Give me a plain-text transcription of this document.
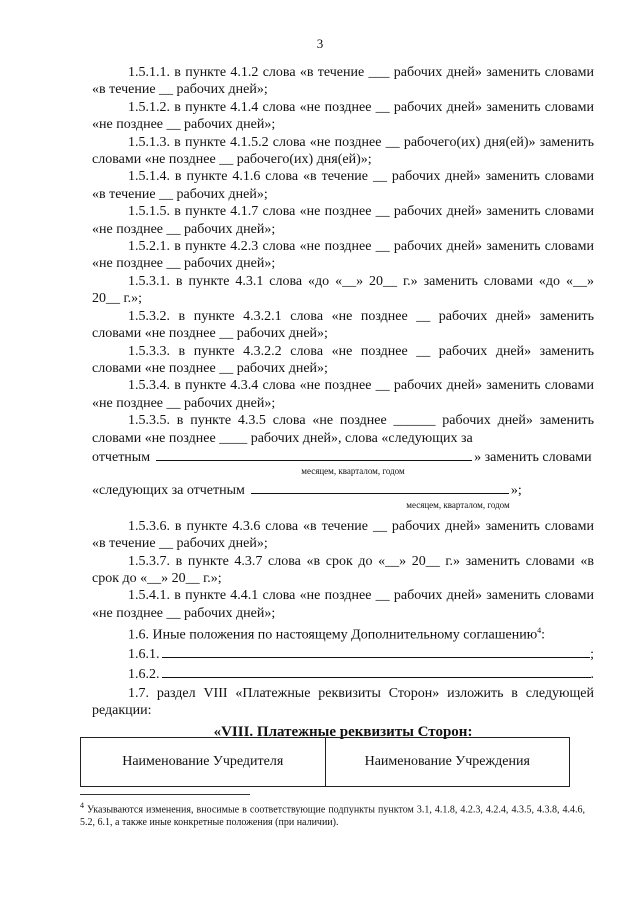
3

1.5.1.1. в пункте 4.1.2 слова «в течение ___ рабочих дней» заменить словами «в течение __ рабочих дней»;

1.5.1.2. в пункте 4.1.4 слова «не позднее __ рабочих дней» заменить словами «не позднее __ рабочих дней»;

1.5.1.3. в пункте 4.1.5.2 слова «не позднее __ рабочего(их) дня(ей)» заменить словами «не позднее __ рабочего(их) дня(ей)»;

1.5.1.4. в пункте 4.1.6 слова «в течение __ рабочих дней» заменить словами «в течение __ рабочих дней»;

1.5.1.5. в пункте 4.1.7 слова «не позднее __ рабочих дней» заменить словами «не позднее __ рабочих дней»;

1.5.2.1. в пункте 4.2.3 слова «не позднее __ рабочих дней» заменить словами «не позднее __ рабочих дней»;

1.5.3.1. в пункте 4.3.1 слова «до «__» 20__ г.» заменить словами «до «__» 20__ г.»;

1.5.3.2. в пункте 4.3.2.1 слова «не позднее __ рабочих дней» заменить словами «не позднее __ рабочих дней»;

1.5.3.3. в пункте 4.3.2.2 слова «не позднее __ рабочих дней» заменить словами «не позднее __ рабочих дней»;

1.5.3.4. в пункте 4.3.4 слова «не позднее __ рабочих дней» заменить словами «не позднее __ рабочих дней»;

1.5.3.5. в пункте 4.3.5 слова «не позднее ______ рабочих дней» заменить словами «не позднее ____ рабочих дней», слова «следующих за

отчетным	» заменить словами
месяцем, кварталом, годом
«следующих за отчетным	»;
месяцем, кварталом, годом

1.5.3.6. в пункте 4.3.6 слова «в течение __ рабочих дней» заменить словами «в течение __ рабочих дней»;

1.5.3.7. в пункте 4.3.7 слова «в срок до «__» 20__ г.» заменить словами «в срок до «__» 20__ г.»;

1.5.4.1. в пункте 4.4.1 слова «не позднее __ рабочих дней» заменить словами «не позднее __ рабочих дней»;

1.6. Иные положения по настоящему Дополнительному соглашению$^4$:

1.6.1.	;
1.6.2.	.

1.7. раздел VIII «Платежные реквизиты Сторон» изложить в следующей редакции:

«VIII. Платежные реквизиты Сторон:
Наименование Учредителя	Наименование Учреждения
$^4$ Указываются изменения, вносимые в соответствующие подпункты пунктом 3.1, 4.1.8, 4.2.3, 4.2.4, 4.3.5, 4.3.8, 4.4.6, 5.2, 6.1, а также иные конкретные положения (при наличии).
